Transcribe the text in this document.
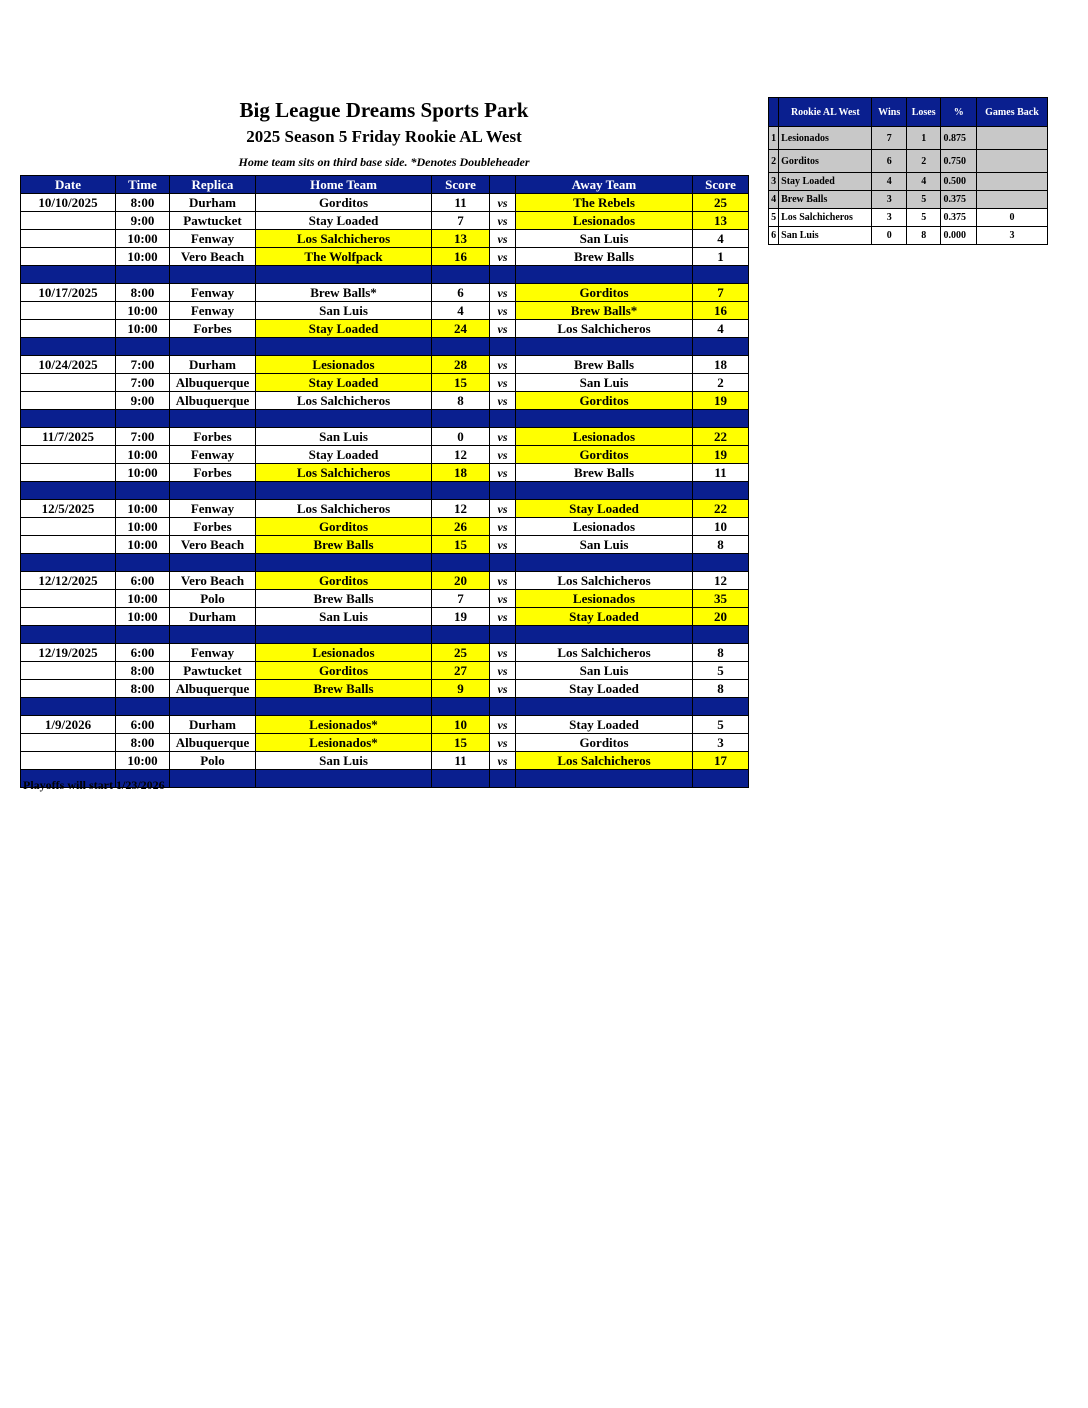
Big League Dreams Sports Park
2025 Season 5 Friday Rookie AL West
Home team sits on third base side. *Denotes Doubleheader
Date	Time	Replica	Home Team	Score		Away Team	Score
10/10/2025	8:00	Durham	Gorditos	11	vs	The Rebels	25
	9:00	Pawtucket	Stay Loaded	7	vs	Lesionados	13
	10:00	Fenway	Los Salchicheros	13	vs	San Luis	4
	10:00	Vero Beach	The Wolfpack	16	vs	Brew Balls	1

10/17/2025	8:00	Fenway	Brew Balls*	6	vs	Gorditos	7
	10:00	Fenway	San Luis	4	vs	Brew Balls*	16
	10:00	Forbes	Stay Loaded	24	vs	Los Salchicheros	4

10/24/2025	7:00	Durham	Lesionados	28	vs	Brew Balls	18
	7:00	Albuquerque	Stay Loaded	15	vs	San Luis	2
	9:00	Albuquerque	Los Salchicheros	8	vs	Gorditos	19

11/7/2025	7:00	Forbes	San Luis	0	vs	Lesionados	22
	10:00	Fenway	Stay Loaded	12	vs	Gorditos	19
	10:00	Forbes	Los Salchicheros	18	vs	Brew Balls	11

12/5/2025	10:00	Fenway	Los Salchicheros	12	vs	Stay Loaded	22
	10:00	Forbes	Gorditos	26	vs	Lesionados	10
	10:00	Vero Beach	Brew Balls	15	vs	San Luis	8

12/12/2025	6:00	Vero Beach	Gorditos	20	vs	Los Salchicheros	12
	10:00	Polo	Brew Balls	7	vs	Lesionados	35
	10:00	Durham	San Luis	19	vs	Stay Loaded	20

12/19/2025	6:00	Fenway	Lesionados	25	vs	Los Salchicheros	8
	8:00	Pawtucket	Gorditos	27	vs	San Luis	5
	8:00	Albuquerque	Brew Balls	9	vs	Stay Loaded	8

1/9/2026	6:00	Durham	Lesionados*	10	vs	Stay Loaded	5
	8:00	Albuquerque	Lesionados*	15	vs	Gorditos	3
	10:00	Polo	San Luis	11	vs	Los Salchicheros	17

	Rookie AL West	Wins	Loses	%	Games Back
1	Lesionados	7	1	0.875	
2	Gorditos	6	2	0.750	
3	Stay Loaded	4	4	0.500	
4	Brew Balls	3	5	0.375	
5	Los Salchicheros	3	5	0.375	0
6	San Luis	0	8	0.000	3
Playoffs will start 1/23/2026
